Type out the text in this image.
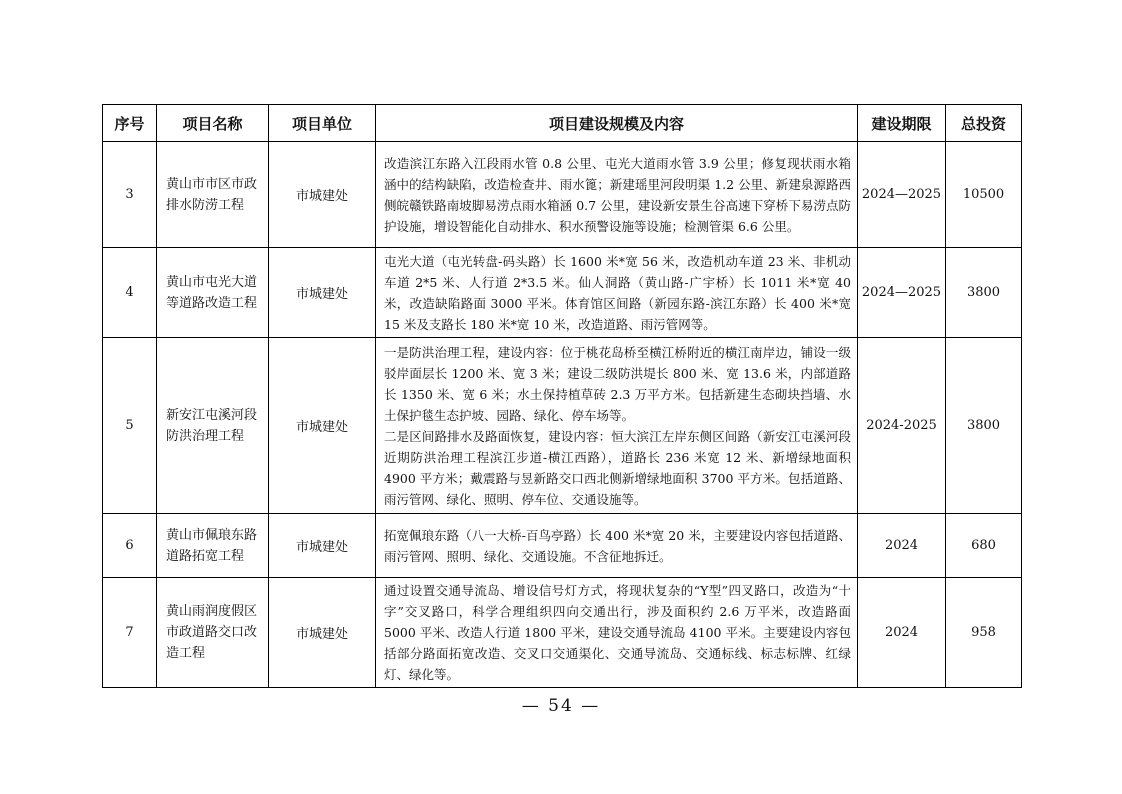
序号	项目名称	项目单位	项目建设规模及内容	建设期限	总投资
3	黄山市市区市政排水防涝工程	市城建处	改造滨江东路入江段雨水管 0.8 公里、屯光大道雨水管 3.9 公里；修复现状雨水箱涵中的结构缺陷，改造检查井、雨水篦；新建瑶里河段明渠 1.2 公里、新建泉源路西侧皖赣铁路南坡脚易涝点雨水箱涵 0.7 公里，建设新安景生谷高速下穿桥下易涝点防护设施，增设智能化自动排水、积水预警设施等设施；检测管渠 6.6 公里。	2024—2025	10500
4	黄山市屯光大道等道路改造工程	市城建处	屯光大道（屯光转盘-码头路）长 1600 米*宽 56 米，改造机动车道 23 米、非机动车道 2*5 米、人行道 2*3.5 米。仙人洞路（黄山路-广宇桥）长 1011 米*宽 40 米，改造缺陷路面 3000 平米。体育馆区间路（新园东路-滨江东路）长 400 米*宽 15 米及支路长 180 米*宽 10 米，改造道路、雨污管网等。	2024—2025	3800
5	新安江屯溪河段防洪治理工程	市城建处	一是防洪治理工程，建设内容：位于桃花岛桥至横江桥附近的横江南岸边，铺设一级驳岸面层长 1200 米、宽 3 米；建设二级防洪堤长 800 米、宽 13.6 米，内部道路长 1350 米、宽 6 米；水土保持植草砖 2.3 万平方米。包括新建生态砌块挡墙、水土保护毯生态护坡、园路、绿化、停车场等。
二是区间路排水及路面恢复，建设内容：恒大滨江左岸东侧区间路（新安江屯溪河段近期防洪治理工程滨江步道-横江西路），道路长 236 米宽 12 米、新增绿地面积 4900 平方米；戴震路与昱新路交口西北侧新增绿地面积 3700 平方米。包括道路、雨污管网、绿化、照明、停车位、交通设施等。	2024-2025	3800
6	黄山市佩琅东路道路拓宽工程	市城建处	拓宽佩琅东路（八一大桥-百鸟亭路）长 400 米*宽 20 米，主要建设内容包括道路、雨污管网、照明、绿化、交通设施。不含征地拆迁。	2024	680
7	黄山雨润度假区市政道路交口改造工程	市城建处	通过设置交通导流岛、增设信号灯方式，将现状复杂的“Y型”四叉路口，改造为“十字”交叉路口，科学合理组织四向交通出行，涉及面积约 2.6 万平米，改造路面 5000 平米、改造人行道 1800 平米，建设交通导流岛 4100 平米。主要建设内容包括部分路面拓宽改造、交叉口交通渠化、交通导流岛、交通标线、标志标牌、红绿灯、绿化等。	2024	958
— 54 —
